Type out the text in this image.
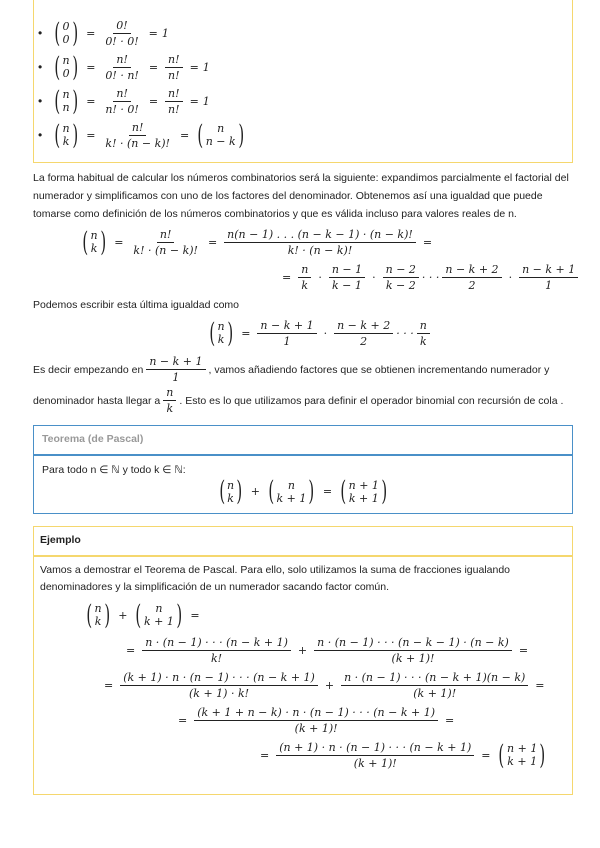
• ( 0
0 ) = $\frac{0!}{0! \cdot 0!} = 1$
• ( n
0 ) = $\frac{n!}{0! \cdot n!} = \frac{n!}{n!} = 1$
• ( n
n ) = $\frac{n!}{n! \cdot 0!} = \frac{n!}{n!} = 1$
• ( n
k ) = $\frac{n!}{k! \cdot (n - k)!}$ = ( n
n − k )

La forma habitual de calcular los números combinatorios será la siguiente: expandimos parcialmente el factorial del numerador y simplificamos con uno de los factores del denominador. Obtenemos así una igualdad que puede tomarse como definición de los números combinatorios y que es válida incluso para valores reales de n.

( n
k ) = $\frac{n!}{k! \cdot (n - k)!} = \frac{n(n - 1) . . . (n - k - 1) \cdot (n - k)!}{k! \cdot (n - k)!}$ =
= $\frac{n}{k} \cdot \frac{n - 1}{k - 1} \cdot \frac{n - 2}{k - 2}$ · · · $\frac{n - k + 2}{2} \cdot \frac{n - k + 1}{1}$

Podemos escribir esta última igualdad como

( n
k ) = $\frac{n - k + 1}{1} \cdot \frac{n - k + 2}{2}$ · · · $\frac{n}{k}$
Es decir empezando en $\frac{n - k + 1}{1}$ , vamos añadiendo factores que se obtienen incrementando numerador y
denominador hasta llegar a $\frac{n}{k}$ . Esto es lo que utilizamos para definir el operador binomial con recursión de cola .
Teorema (de Pascal)
Para todo n ∈ ℕ y todo k ∈ ℕ:
( n
k ) + ( n
k + 1 ) = ( n + 1
k + 1 )
Ejemplo

Vamos a demostrar el Teorema de Pascal. Para ello, solo utilizamos la suma de fracciones igualando denominadores y la simplificación de un numerador sacando factor común.

( n
k ) + ( n
k + 1 ) =
= $\frac{n \cdot (n - 1) \cdot \cdot \cdot (n - k + 1)}{k!} + \frac{n \cdot (n - 1) \cdot \cdot \cdot (n - k - 1) \cdot (n - k)}{(k + 1)!}$ =
= $\frac{(k + 1) \cdot n \cdot (n - 1) \cdot \cdot \cdot (n - k + 1)}{(k + 1) \cdot k!} + \frac{n \cdot (n - 1) \cdot \cdot \cdot (n - k + 1)(n - k)}{(k + 1)!}$ =
= $\frac{(k + 1 + n - k) \cdot n \cdot (n - 1) \cdot \cdot \cdot (n - k + 1)}{(k + 1)!}$ =
= $\frac{(n + 1) \cdot n \cdot (n - 1) \cdot \cdot \cdot (n - k + 1)}{(k + 1)!}$ = ( n + 1
k + 1 )
